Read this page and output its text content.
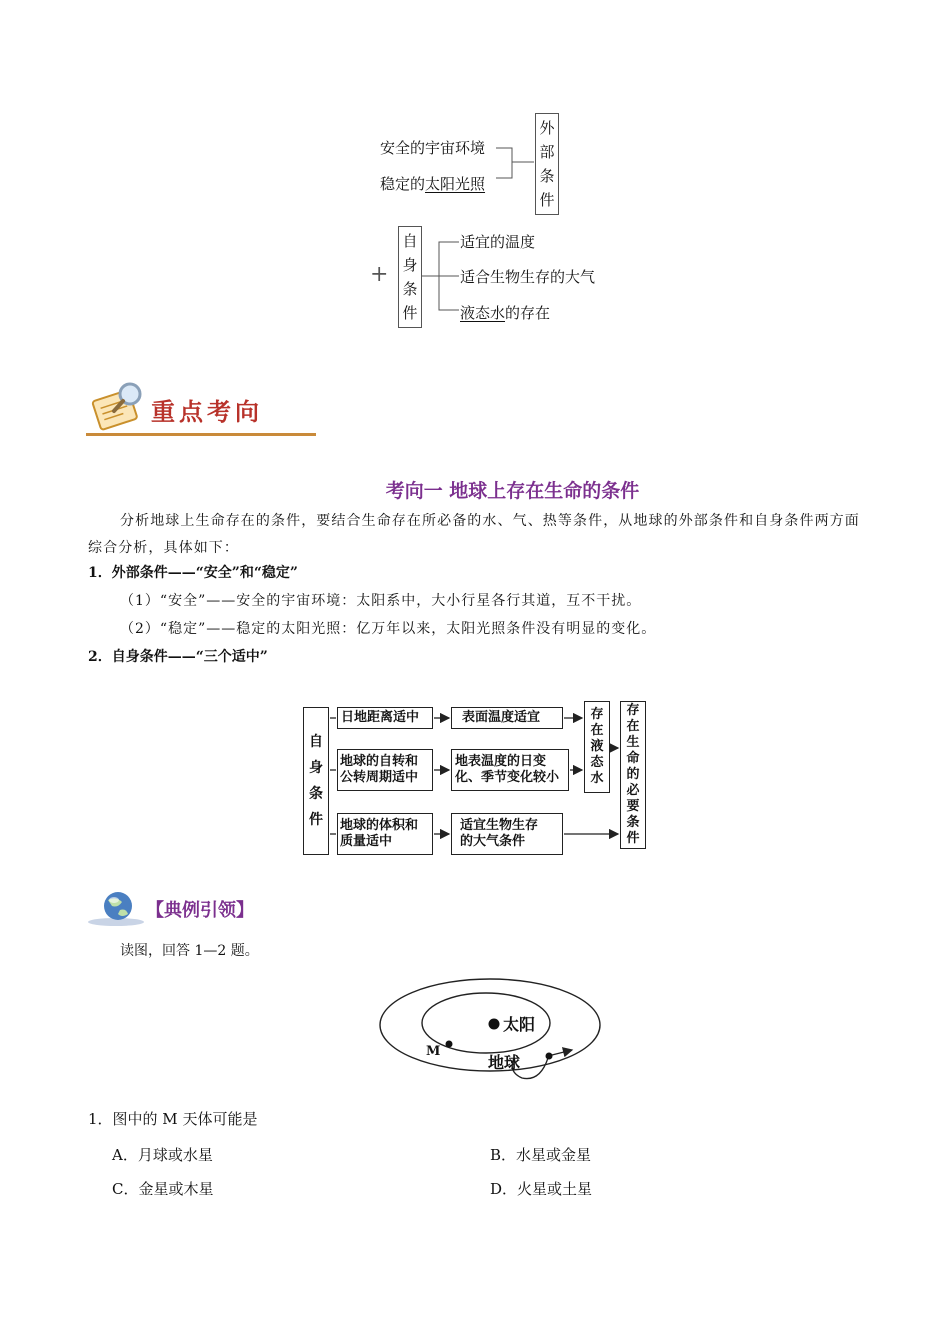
安全的宇宙环境
稳定的太阳光照
外
部
条
件
+
自
身
条
件
适宜的温度
适合生物生存的大气
液态水的存在
重点考向
考向一 地球上存在生命的条件
分析地球上生命存在的条件，要结合生命存在所必备的水、气、热等条件，从地球的外部条件和自身条件两方面综合分析，具体如下：
1．外部条件——“安全”和“稳定”
（1）“安全”——安全的宇宙环境：太阳系中，大小行星各行其道，互不干扰。
（2）“稳定”——稳定的太阳光照：亿万年以来，太阳光照条件没有明显的变化。
2．自身条件——“三个适中”
自
身
条
件
日地距离适中
地球的自转和
公转周期适中
地球的体积和
质量适中
表面温度适宜
地表温度的日变
化、季节变化较小
适宜生物生存
的大气条件
存
在
液
态
水
存
在
生
命
的
必
要
条
件
【典例引领】
读图，回答 1—2 题。
太阳
M
地球
1．图中的 M 天体可能是
A．月球或水星	B．水星或金星
C．金星或木星	D．火星或土星
